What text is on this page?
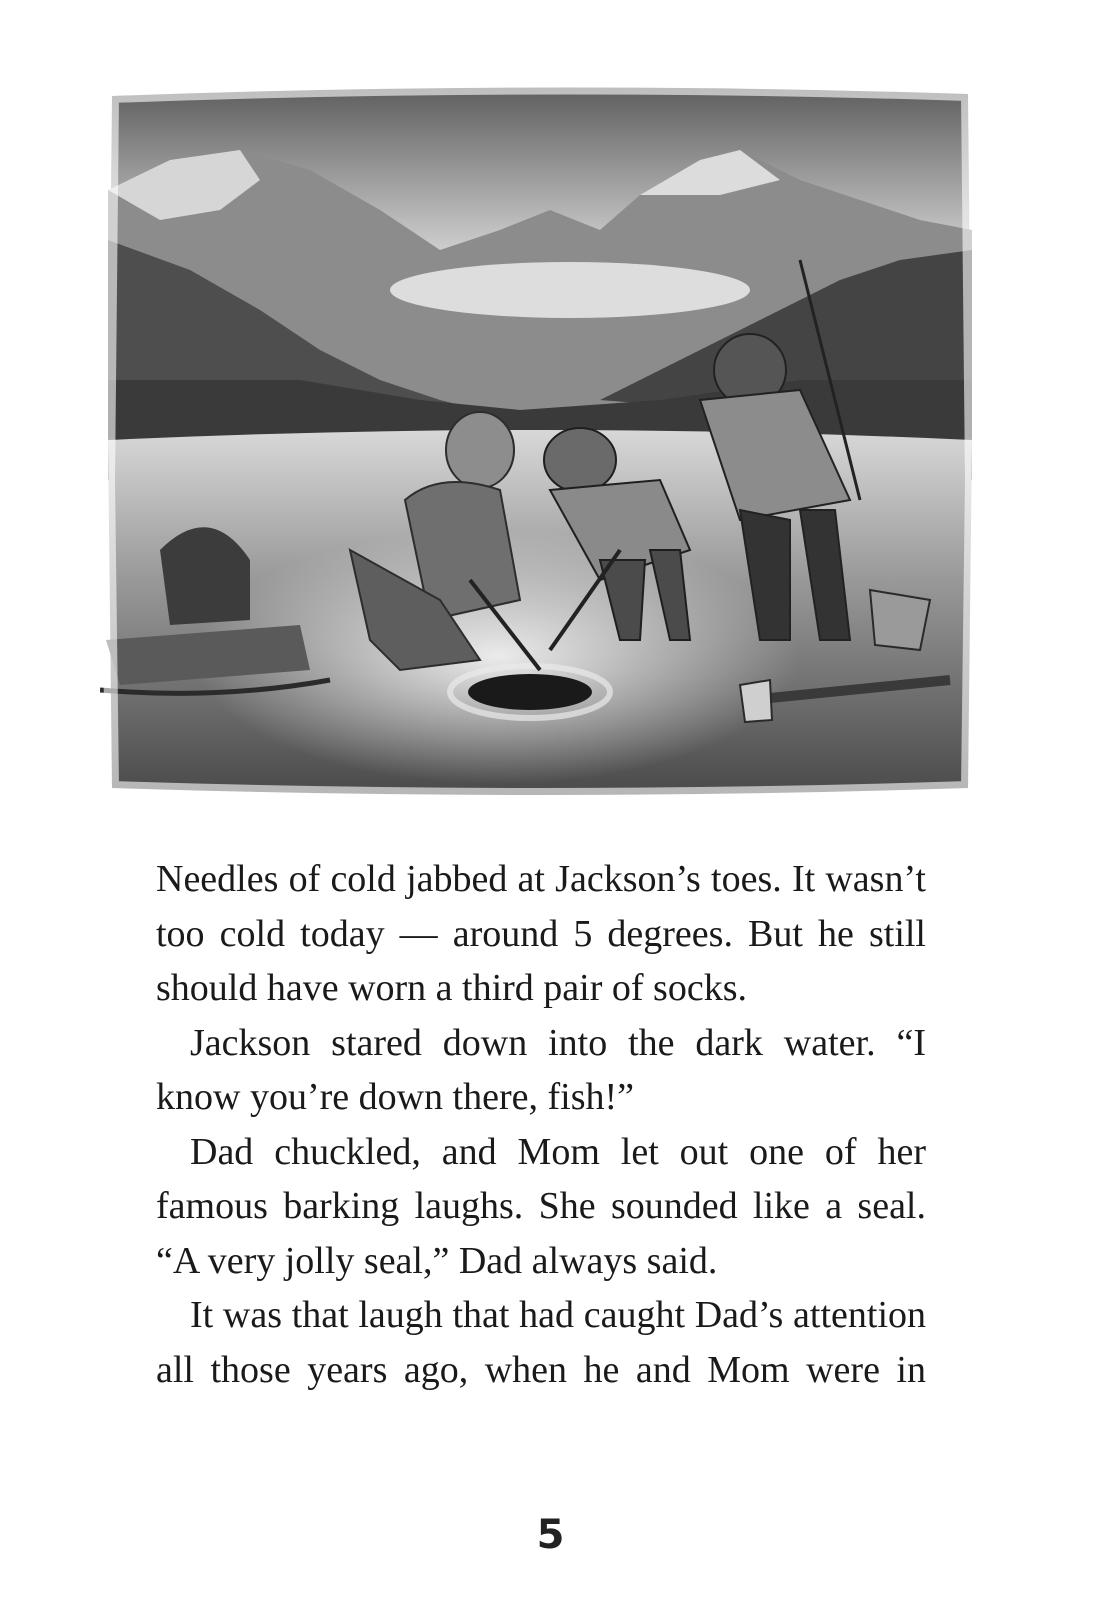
Needles of cold jabbed at Jackson’s toes. It wasn’t

too cold today — around 5 degrees. But he still

should have worn a third pair of socks.

Jackson stared down into the dark water. “I

know you’re down there, fish!”

Dad chuckled, and Mom let out one of her

famous barking laughs. She sounded like a seal.

“A very jolly seal,” Dad always said.

It was that laugh that had caught Dad’s attention

all those years ago, when he and Mom were in

5
